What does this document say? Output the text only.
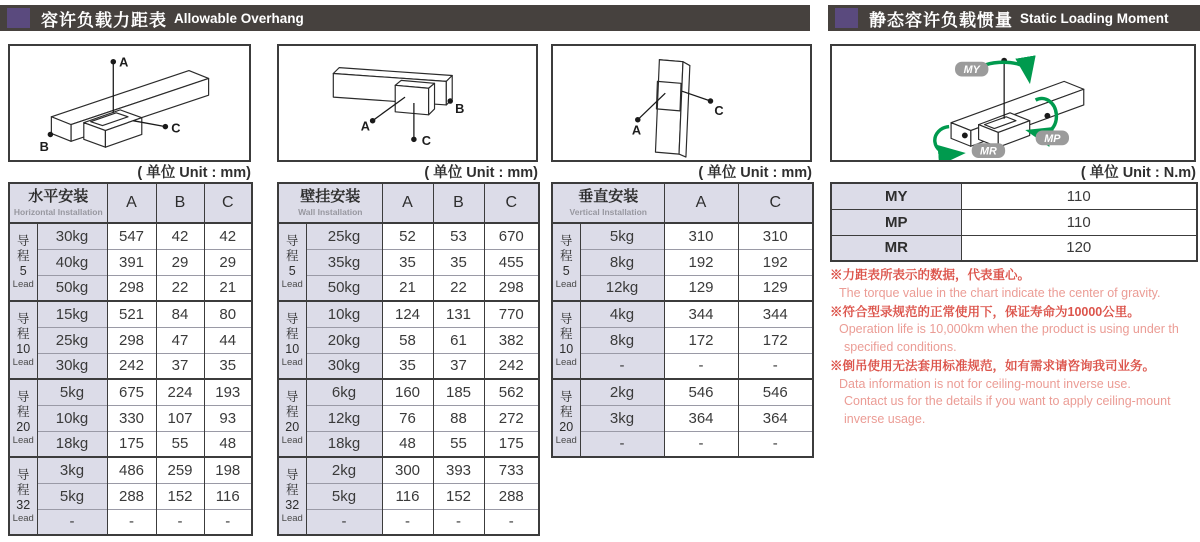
容许负载力距表 Allowable Overhang	静态容许负载惯量 Static Loading Moment
A
B
C	A
B
C
A
C
MY
MP
MR
( 单位 Unit : mm)	( 单位 Unit : mm)	( 单位 Unit : mm)	( 单位 Unit : N.m)
水平安装
Horizontal Installation		A	B	C

导
程
5
Lead	30kg	547	42	42
	40kg	391	29	29
	50kg	298	22	21

导
程
10
Lead	15kg	521	84	80
	25kg	298	47	44
	30kg	242	37	35

导
程
20
Lead	5kg	675	224	193
	10kg	330	107	93
	18kg	175	55	48

导
程
32
Lead	3kg	486	259	198
	5kg	288	152	116
	-	-	-	-
壁挂安装
Wall Installation		A	B	C

导
程
5
Lead	25kg	52	53	670
	35kg	35	35	455
	50kg	21	22	298

导
程
10
Lead	10kg	124	131	770
	20kg	58	61	382
	30kg	35	37	242

导
程
20
Lead	6kg	160	185	562
	12kg	76	88	272
	18kg	48	55	175

导
程
32
Lead	2kg	300	393	733
	5kg	116	152	288
	-	-	-	-
垂直安装
Vertical Installation		A	C

导
程
5
Lead	5kg	310	310
	8kg	192	192
	12kg	129	129

导
程
10
Lead	4kg	344	344
	8kg	172	172
	-	-	-

导
程
20
Lead	2kg	546	546
	3kg	364	364
	-	-	-
MY	110
MP	110
MR	120
※力距表所表示的数据，代表重心。
The torque value in the chart indicate the center of gravity.
※符合型录规范的正常使用下，保证寿命为10000公里。
Operation life is 10,000km when the product is using under th
specified conditions.
※倒吊使用无法套用标准规范，如有需求请咨询我司业务。
Data information is not for ceiling-mount inverse use.
Contact us for the details if you want to apply ceiling-mount
inverse usage.
